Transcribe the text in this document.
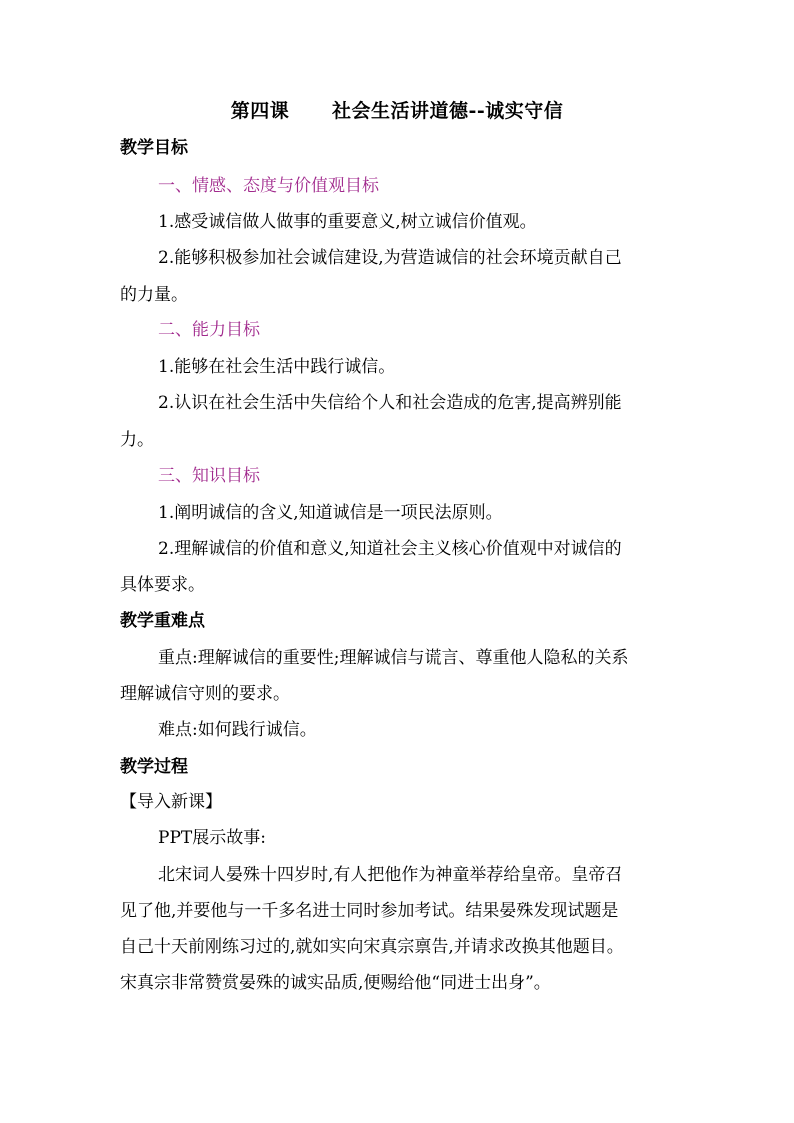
第四课      社会生活讲道德--诚实守信
教学目标
一、情感、态度与价值观目标
1.感受诚信做人做事的重要意义,树立诚信价值观。
2.能够积极参加社会诚信建设,为营造诚信的社会环境贡献自己
的力量。
二、能力目标
1.能够在社会生活中践行诚信。
2.认识在社会生活中失信给个人和社会造成的危害,提高辨别能
力。
三、知识目标
1.阐明诚信的含义,知道诚信是一项民法原则。
2.理解诚信的价值和意义,知道社会主义核心价值观中对诚信的
具体要求。
教学重难点
重点:理解诚信的重要性;理解诚信与谎言、尊重他人隐私的关系
理解诚信守则的要求。
难点:如何践行诚信。
教学过程
【导入新课】
PPT展示故事:
北宋词人晏殊十四岁时,有人把他作为神童举荐给皇帝。皇帝召
见了他,并要他与一千多名进士同时参加考试。结果晏殊发现试题是
自己十天前刚练习过的,就如实向宋真宗禀告,并请求改换其他题目。
宋真宗非常赞赏晏殊的诚实品质,便赐给他“同进士出身”。
